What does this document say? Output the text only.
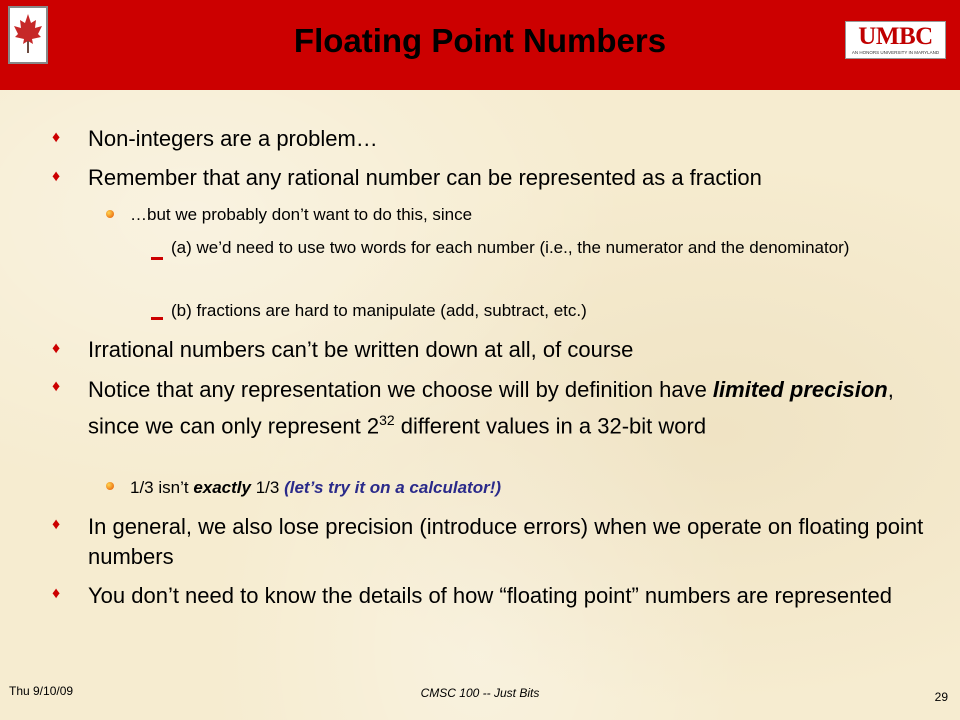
Floating Point Numbers	UMBC
AN HONORS UNIVERSITY IN MARYLAND
♦ Non-integers are a problem…
♦ Remember that any rational number can be represented as a fraction
…but we probably don’t want to do this, since
(a) we’d need to use two words for each number (i.e., the numerator and the denominator)
(b) fractions are hard to manipulate (add, subtract, etc.)
♦ Irrational numbers can’t be written down at all, of course
♦ Notice that any representation we choose will by definition have limited precision, since we can only represent $2^{32}$ different values in a 32-bit word
1/3 isn’t exactly 1/3 (let’s try it on a calculator!)
♦ In general, we also lose precision (introduce errors) when we operate on floating point numbers
♦ You don’t need to know the details of how “floating point” numbers are represented
Thu 9/10/09	CMSC 100 -- Just Bits	29
